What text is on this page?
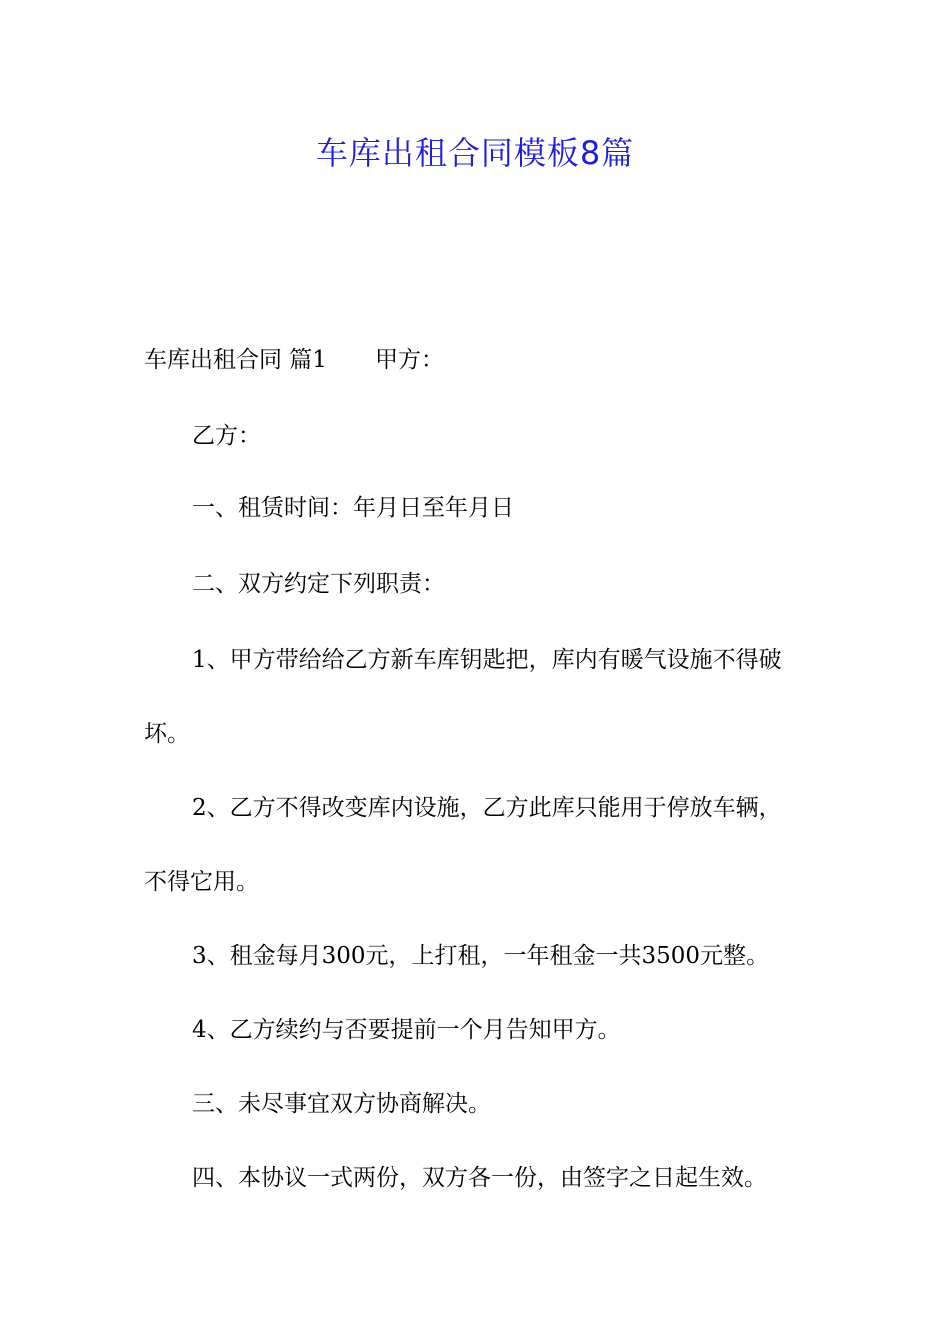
车库出租合同模板8篇
车库出租合同 篇1 甲方：
乙方：
一、租赁时间：年月日至年月日
二、双方约定下列职责：
1、甲方带给给乙方新车库钥匙把，库内有暖气设施不得破
坏。
2、乙方不得改变库内设施，乙方此库只能用于停放车辆，
不得它用。
3、租金每月300元，上打租，一年租金一共3500元整。
4、乙方续约与否要提前一个月告知甲方。
三、未尽事宜双方协商解决。
四、本协议一式两份，双方各一份，由签字之日起生效。
